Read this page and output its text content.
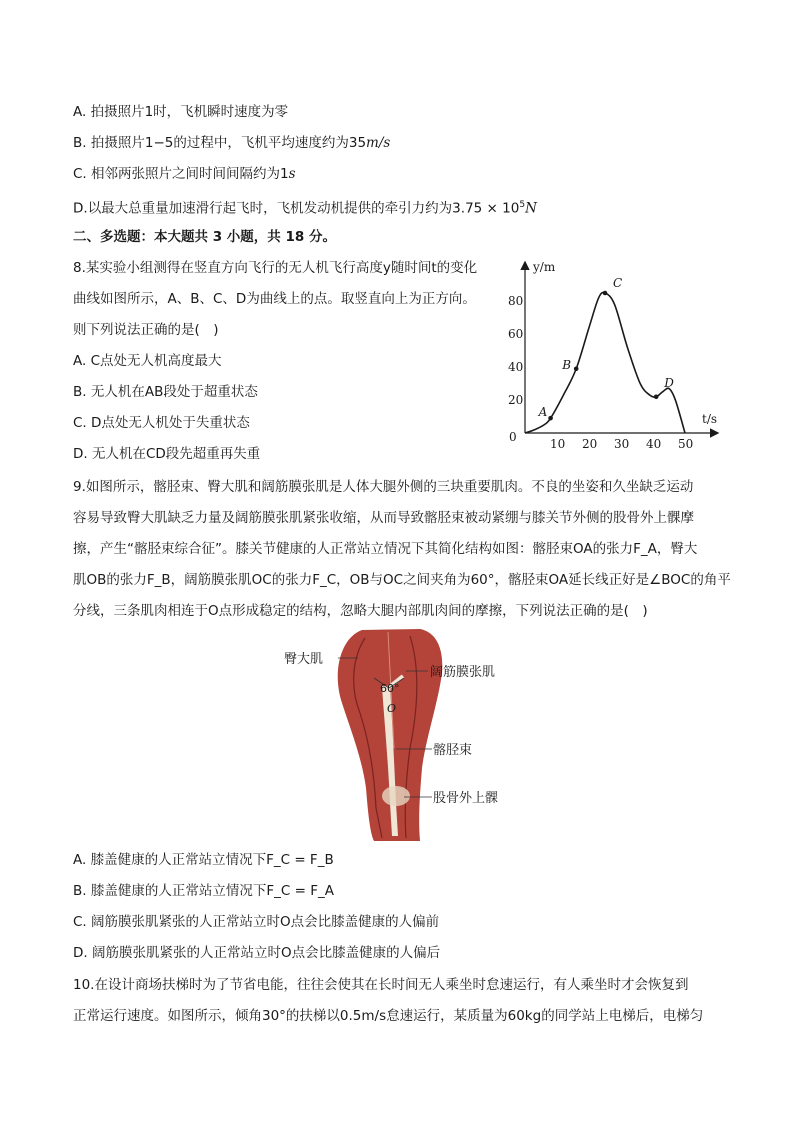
A. 拍摄照片1时，飞机瞬时速度为零
B. 拍摄照片1−5的过程中，飞机平均速度约为35m/s
C. 相邻两张照片之间时间间隔约为1s
D.以最大总重量加速滑行起飞时，飞机发动机提供的牵引力约为$3.75 \times 10^5N$
二、多选题：本大题共 3 小题，共 18 分。
8.某实验小组测得在竖直方向飞行的无人机飞行高度y随时间t的变化
曲线如图所示，A、B、C、D为曲线上的点。取竖直向上为正方向。
则下列说法正确的是(　)
A. C点处无人机高度最大
B. 无人机在AB段处于超重状态
C. D点处无人机处于失重状态
D. 无人机在CD段先超重再失重
y/m
t/s
0	10 20 30 40 50
20
40
60
80
A
B
C
D
9.如图所示，髂胫束、臀大肌和阔筋膜张肌是人体大腿外侧的三块重要肌肉。不良的坐姿和久坐缺乏运动
容易导致臀大肌缺乏力量及阔筋膜张肌紧张收缩，从而导致髂胫束被动紧绷与膝关节外侧的股骨外上髁摩
擦，产生“髂胫束综合征”。膝关节健康的人正常站立情况下其简化结构如图：髂胫束OA的张力F_A，臀大
肌OB的张力F_B，阔筋膜张肌OC的张力F_C，OB与OC之间夹角为60°，髂胫束OA延长线正好是∠BOC的角平
分线，三条肌肉相连于O点形成稳定的结构，忽略大腿内部肌肉间的摩擦，下列说法正确的是(　)
60°
O
臀大肌
阔筋膜张肌
髂胫束
股骨外上髁
A. 膝盖健康的人正常站立情况下F_C = F_B
B. 膝盖健康的人正常站立情况下F_C = F_A
C. 阔筋膜张肌紧张的人正常站立时O点会比膝盖健康的人偏前
D. 阔筋膜张肌紧张的人正常站立时O点会比膝盖健康的人偏后
10.在设计商场扶梯时为了节省电能，往往会使其在长时间无人乘坐时怠速运行，有人乘坐时才会恢复到
正常运行速度。如图所示，倾角30°的扶梯以0.5m/s怠速运行，某质量为60kg的同学站上电梯后，电梯匀
